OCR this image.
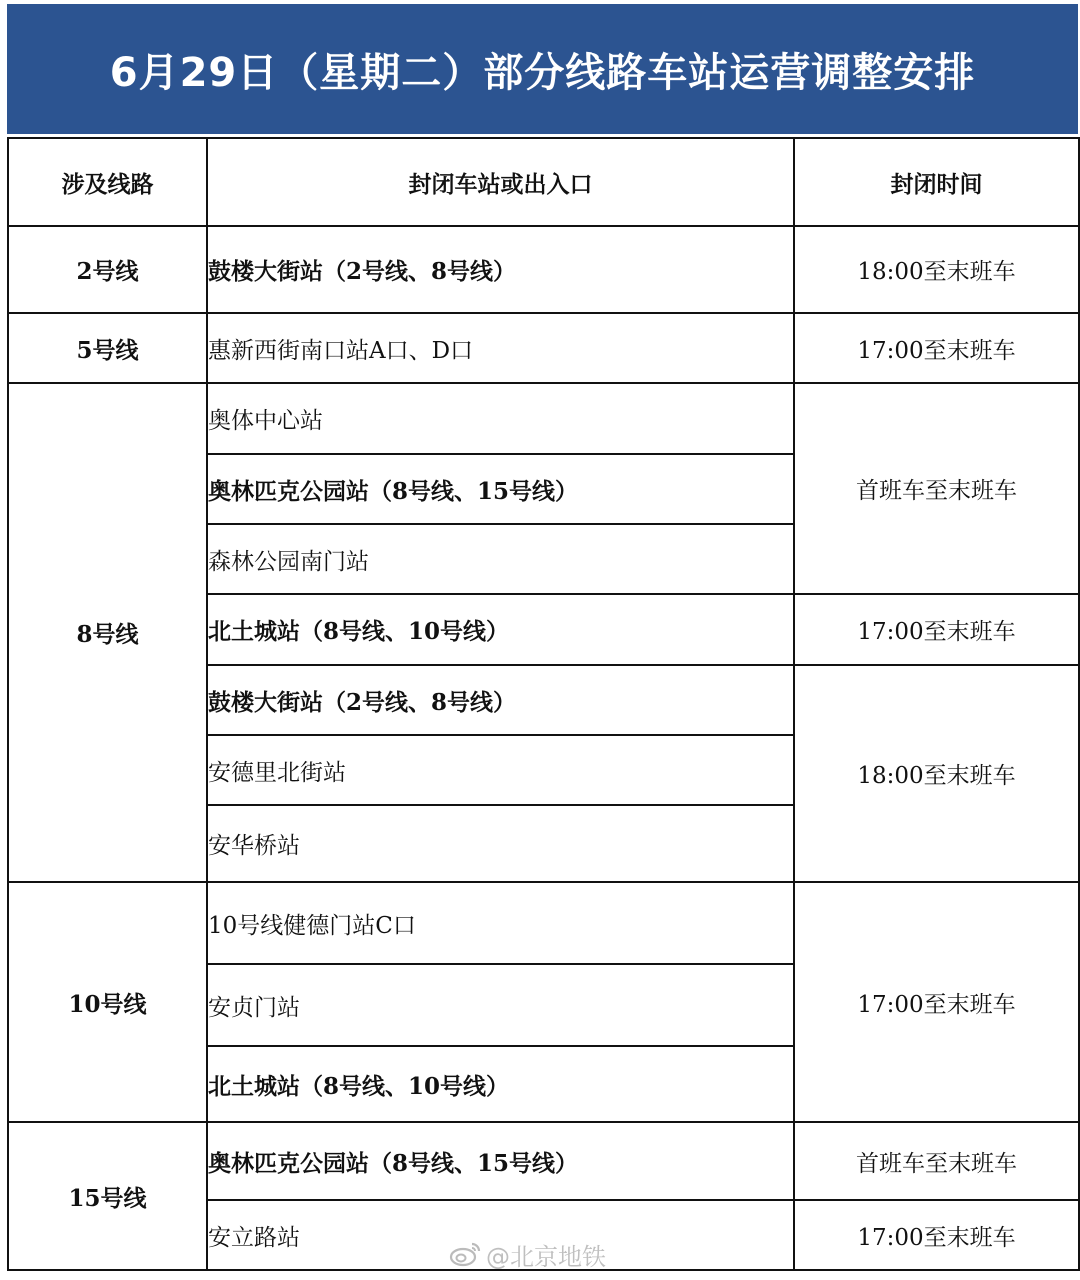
6月29日（星期二）部分线路车站运营调整安排
涉及线路	封闭车站或出入口	封闭时间
2号线	鼓楼大街站（2号线、8号线）	18:00至末班车
5号线	惠新西街南口站A口、D口	17:00至末班车
8号线	奥体中心站	首班车至末班车
	奥林匹克公园站（8号线、15号线）	
	森林公园南门站	
	北土城站（8号线、10号线）	17:00至末班车
	鼓楼大街站（2号线、8号线）	18:00至末班车
	安德里北街站	
	安华桥站	
10号线	10号线健德门站C口	17:00至末班车
	安贞门站	
	北土城站（8号线、10号线）	
15号线	奥林匹克公园站（8号线、15号线）	首班车至末班车
	安立路站	17:00至末班车
@北京地铁
